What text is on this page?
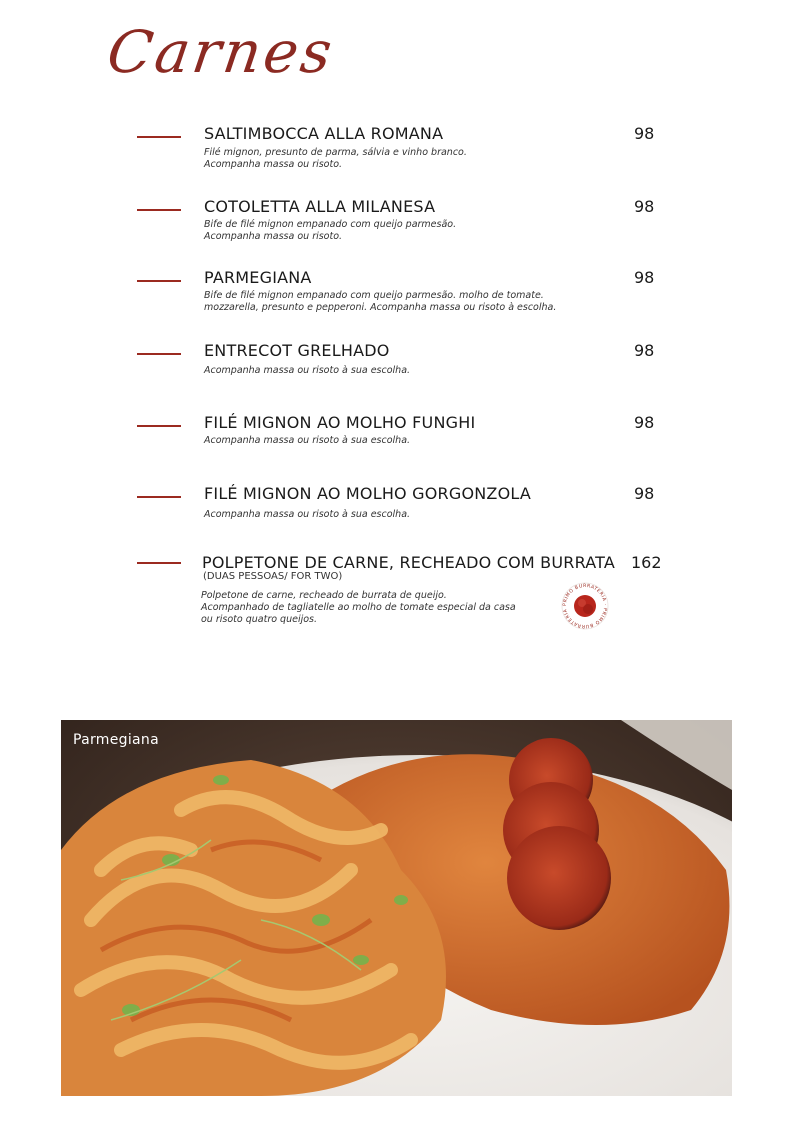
Carnes
SALTIMBOCCA ALLA ROMANA	98
Filé mignon, presunto de parma, sálvia e vinho branco.
Acompanha massa ou risoto.
COTOLETTA ALLA MILANESA	98
Bife de filé mignon empanado com queijo parmesão.
Acompanha massa ou risoto.
PARMEGIANA	98
Bife de filé mignon empanado com queijo parmesão. molho de tomate.
mozzarella, presunto e pepperoni. Acompanha massa ou risoto à escolha.
ENTRECOT GRELHADO	98
Acompanha massa ou risoto à sua escolha.
FILÉ MIGNON AO MOLHO FUNGHI	98
Acompanha massa ou risoto à sua escolha.
FILÉ MIGNON AO MOLHO GORGONZOLA	98
Acompanha massa ou risoto à sua escolha.
POLPETONE DE CARNE, RECHEADO COM BURRATA 162
(DUAS PESSOAS/ FOR TWO)
Polpetone de carne, recheado de burrata de queijo.
Acompanhado de tagliatelle ao molho de tomate especial da casa
ou risoto quatro queijos.
PRIMO BURRATERIA · PRIMO BURRATERIA
Parmegiana
